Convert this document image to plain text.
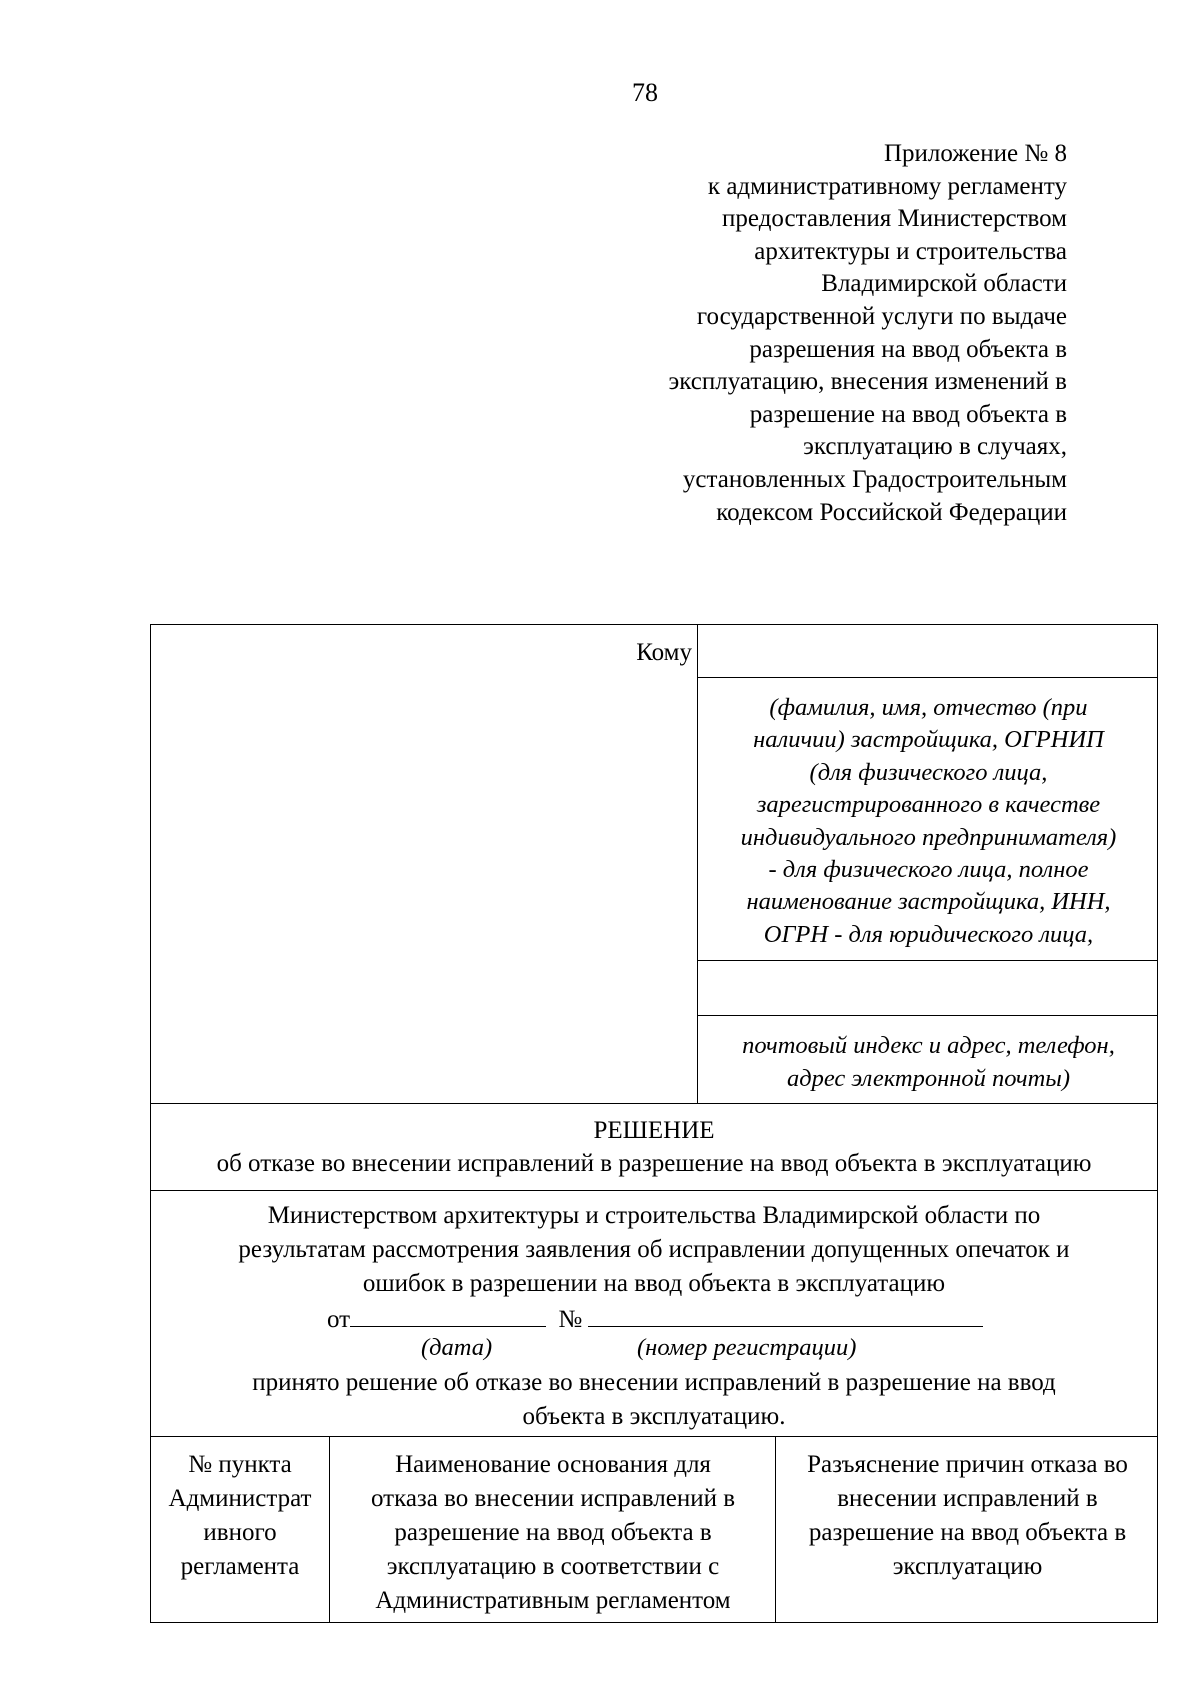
78
Приложение № 8
к административному регламенту
предоставления Министерством
архитектуры и строительства
Владимирской области
государственной услуги по выдаче
разрешения на ввод объекта в
эксплуатацию, внесения изменений в
разрешение на ввод объекта в
эксплуатацию в случаях,
установленных Градостроительным
кодексом Российской Федерации
Кому
(фамилия, имя, отчество (при
наличии) застройщика, ОГРНИП
(для физического лица,
зарегистрированного в качестве
индивидуального предпринимателя)
- для физического лица, полное
наименование застройщика, ИНН,
ОГРН - для юридического лица,
почтовый индекс и адрес, телефон,
адрес электронной почты)
РЕШЕНИЕ
об отказе во внесении исправлений в разрешение на ввод объекта в эксплуатацию
Министерством архитектуры и строительства Владимирской области по
результатам рассмотрения заявления об исправлении допущенных опечаток и
ошибок в разрешении на ввод объекта в эксплуатацию
от	№
(дата)	(номер регистрации)
принято решение об отказе во внесении исправлений в разрешение на ввод
объекта в эксплуатацию.
№ пункта
Администрат
ивного
регламента
Наименование основания для
отказа во внесении исправлений в
разрешение на ввод объекта в
эксплуатацию в соответствии с
Административным регламентом
Разъяснение причин отказа во
внесении исправлений в
разрешение на ввод объекта в
эксплуатацию
